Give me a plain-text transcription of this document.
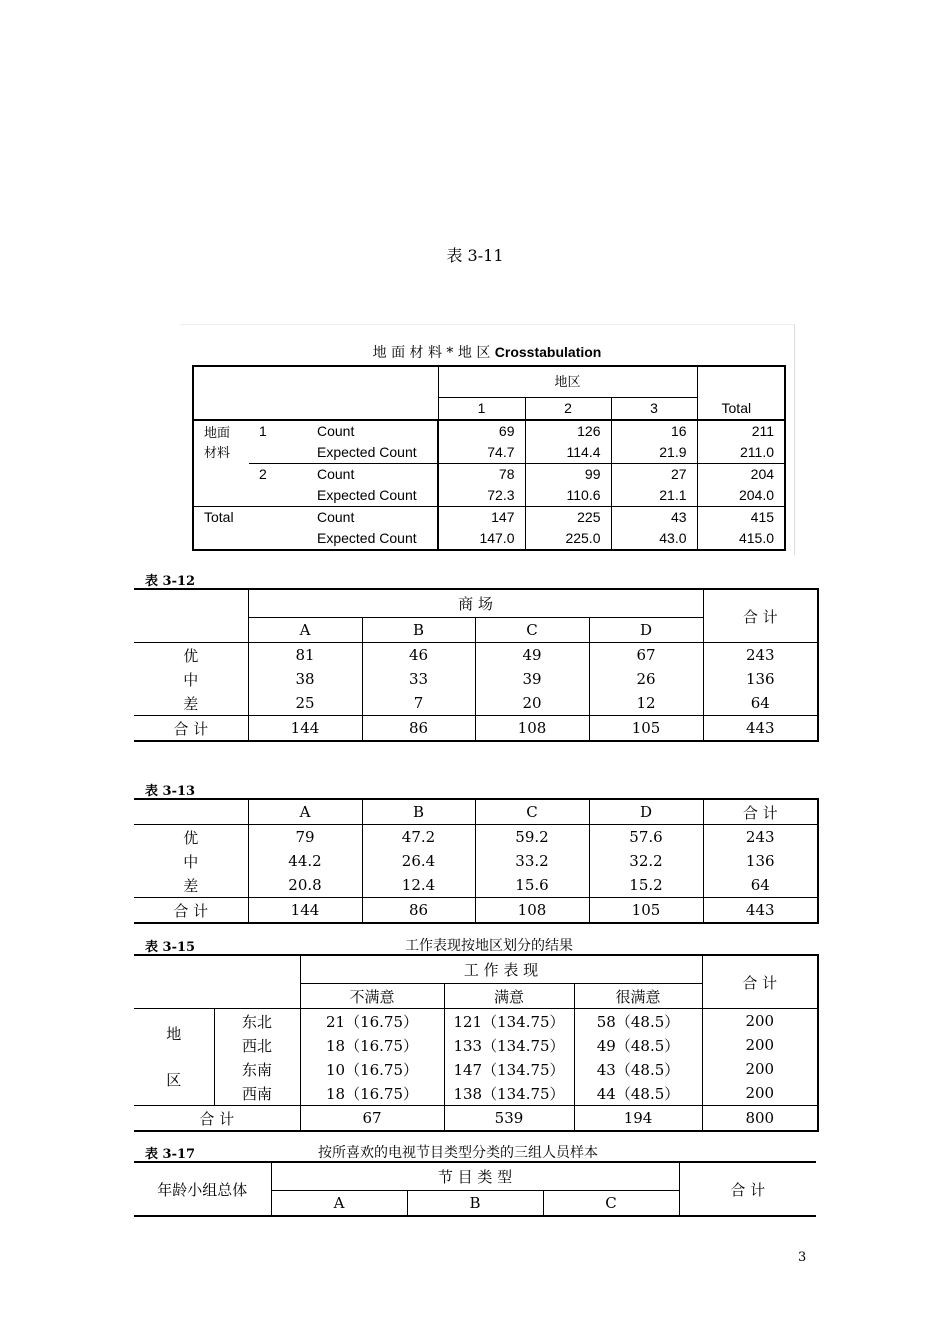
表 3-11
地 面 材 料 * 地 区 Crosstabulation
			地区			Total
			1	2	3	

地面
材料	1	Count	69	126	16	211
		Expected Count	74.7	114.4	21.9	211.0
	2	Count	78	99	27	204
		Expected Count	72.3	110.6	21.1	204.0
Total		Count	147	225	43	415
		Expected Count	147.0	225.0	43.0	415.0
表 3-12
	商 场				合 计
	A	B	C	D	
优	81	46	49	67	243
中	38	33	39	26	136
差	25	7	20	12	64
合 计	144	86	108	105	443
表 3-13
	A	B	C	D	合 计
优	79	47.2	59.2	57.6	243
中	44.2	26.4	33.2	32.2	136
差	20.8	12.4	15.6	15.2	64
合 计	144	86	108	105	443
表 3-15	工作表现按地区划分的结果
		工 作 表 现			合 计
		不满意	满意	很满意	

地
区	东北	21（16.75）	121（134.75）	58（48.5）	200
	西北	18（16.75）	133（134.75）	49（48.5）	200
	东南	10（16.75）	147（134.75）	43（48.5）	200
	西南	18（16.75）	138（134.75）	44（48.5）	200
合 计		67	539	194	800
表 3-17	按所喜欢的电视节目类型分类的三组人员样本
年龄小组总体	节 目 类 型			合 计
	A	B	C	
3
